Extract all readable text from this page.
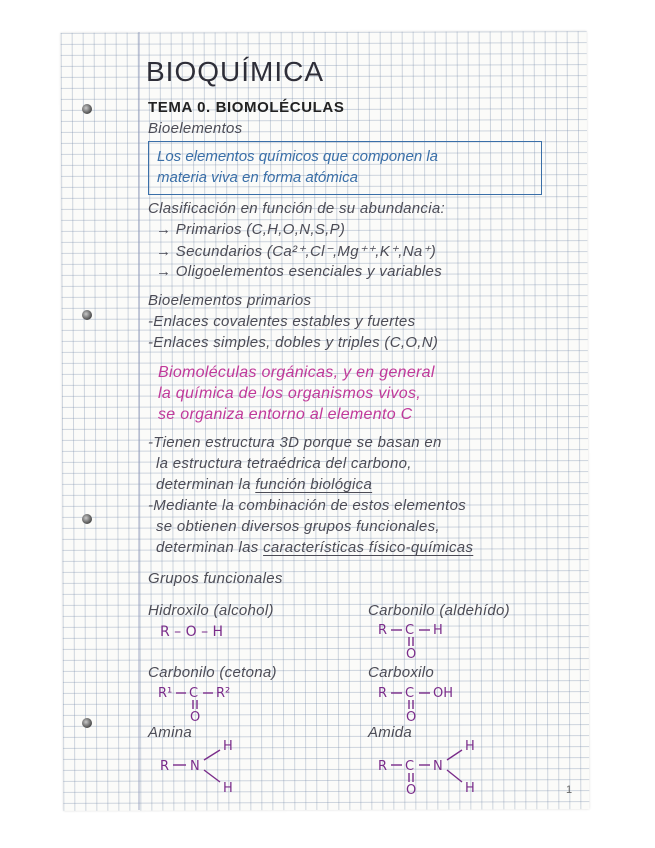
BIOQUÍMICA
TEMA 0. BIOMOLÉCULAS
Bioelementos
Los elementos químicos que componen la
materia viva en forma atómica
Clasificación en función de su abundancia:
→ Primarios (C,H,O,N,S,P)
→ Secundarios (Ca²⁺,Cl⁻,Mg⁺⁺,K⁺,Na⁺)
→ Oligoelementos esenciales y variables
Bioelementos primarios
-Enlaces covalentes estables y fuertes
-Enlaces simples, dobles y triples (C,O,N)
Biomoléculas orgánicas, y en general
la química de los organismos vivos,
se organiza entorno al elemento C
-Tienen estructura 3D porque se basan en
la estructura tetraédrica del carbono,
determinan la función biológica
-Mediante la combinación de estos elementos
se obtienen diversos grupos funcionales,
determinan las características físico-químicas
Grupos funcionales
Hidroxilo (alcohol)
R – O – H
Carbonilo (aldehído)
R C H
O
Carbonilo (cetona)
R¹ C R²
O
Carboxilo
R C OH
O
Amina
R N
H
H
Amida
R C N
H
H
O	1
